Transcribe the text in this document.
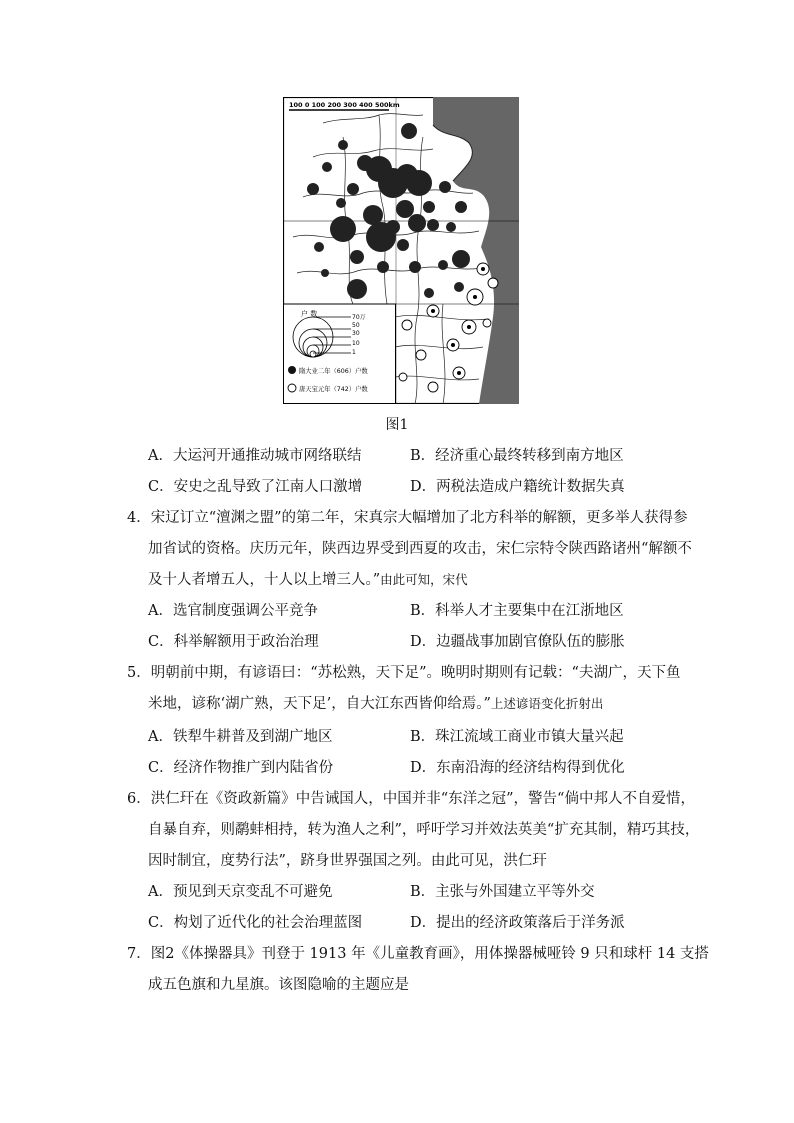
100 0 100 200 300 400 500km
户 数	70万
50
30
10
1
隋大业二年（606）户数
唐天宝元年（742）户数
图1
A．大运河开通推动城市网络联结	B．经济重心最终转移到南方地区
C．安史之乱导致了江南人口激增	D．两税法造成户籍统计数据失真
4．宋辽订立“澶渊之盟”的第二年，宋真宗大幅增加了北方科举的解额，更多举人获得参
加省试的资格。庆历元年，陕西边界受到西夏的攻击，宋仁宗特令陕西路诸州“解额不
及十人者增五人，十人以上增三人。”由此可知，宋代
A．选官制度强调公平竞争	B．科举人才主要集中在江浙地区
C．科举解额用于政治治理	D．边疆战事加剧官僚队伍的膨胀
5．明朝前中期，有谚语曰：“苏松熟，天下足”。晚明时期则有记载：“夫湖广，天下鱼
米地，谚称‘湖广熟，天下足’，自大江东西皆仰给焉。”上述谚语变化折射出
A．铁犁牛耕普及到湖广地区	B．珠江流域工商业市镇大量兴起
C．经济作物推广到内陆省份	D．东南沿海的经济结构得到优化
6．洪仁玕在《资政新篇》中告诫国人，中国并非“东洋之冠”，警告“倘中邦人不自爱惜，
自暴自弃，则鹬蚌相持，转为渔人之利”，呼吁学习并效法英美“扩充其制，精巧其技，
因时制宜，度势行法”，跻身世界强国之列。由此可见，洪仁玕
A．预见到天京变乱不可避免	B．主张与外国建立平等外交
C．构划了近代化的社会治理蓝图	D．提出的经济政策落后于洋务派
7．图2《体操器具》刊登于 1913 年《儿童教育画》，用体操器械哑铃 9 只和球杆 14 支搭
成五色旗和九星旗。该图隐喻的主题应是
